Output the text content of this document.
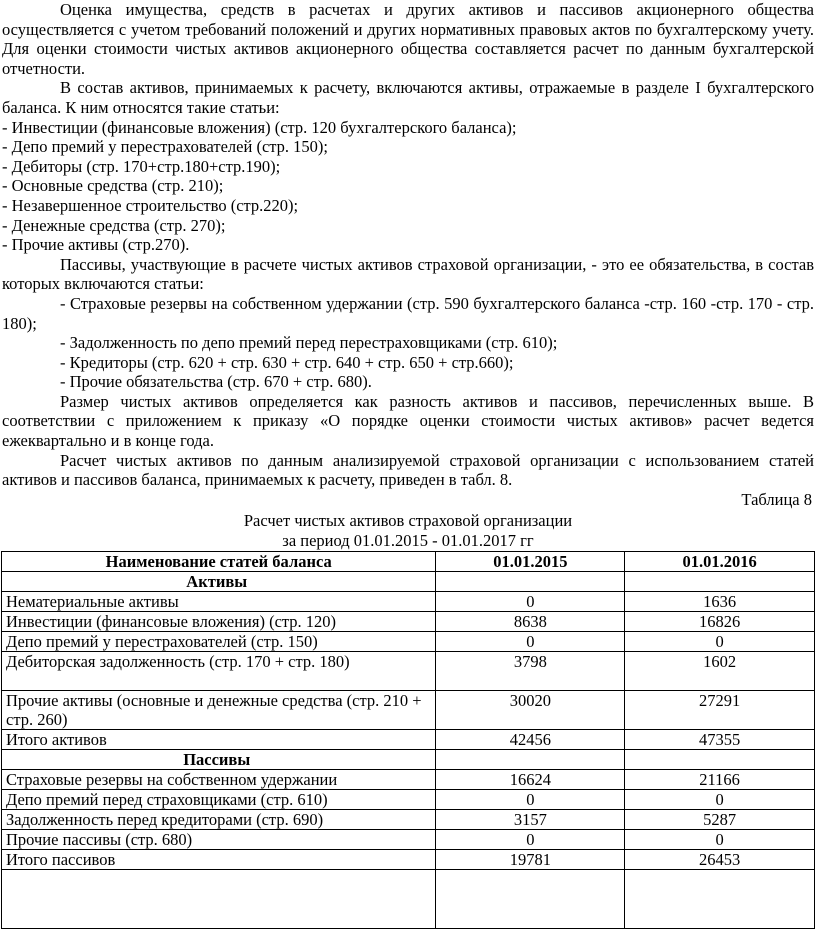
Оценка имущества, средств в расчетах и других активов и пассивов акционерного общества осуществляется с учетом требований положений и других нормативных правовых актов по бухгалтерскому учету. Для оценки стоимости чистых активов акционерного общества составляется расчет по данным бухгалтерской отчетности.

В состав активов, принимаемых к расчету, включаются активы, отражаемые в разделе I бухгалтерского баланса. К ним относятся такие статьи:

- Инвестиции (финансовые вложения) (стр. 120 бухгалтерского баланса);

- Депо премий у перестрахователей (стр. 150);

- Дебиторы (стр. 170+стр.180+стр.190);

- Основные средства (стр. 210);

- Незавершенное строительство (стр.220);

- Денежные средства (стр. 270);

- Прочие активы (стр.270).

Пассивы, участвующие в расчете чистых активов страховой организации, - это ее обязательства, в состав которых включаются статьи:

- Страховые резервы на собственном удержании (стр. 590 бухгалтерского баланса -стр. 160 -стр. 170 - стр. 180);

- Задолженность по депо премий перед перестраховщиками (стр. 610);

- Кредиторы (стр. 620 + стр. 630 + стр. 640 + стр. 650 + стр.660);

- Прочие обязательства (стр. 670 + стр. 680).

Размер чистых активов определяется как разность активов и пассивов, перечисленных выше. В соответствии с приложением к приказу «О порядке оценки стоимости чистых активов» расчет ведется ежеквартально и в конце года.

Расчет чистых активов по данным анализируемой страховой организации с использованием статей активов и пассивов баланса, принимаемых к расчету, приведен в табл. 8.

Таблица 8

Расчет чистых активов страховой организации

за период 01.01.2015 - 01.01.2017 гг

Наименование статей баланса	01.01.2015	01.01.2016
Активы		
Нематериальные активы	0	1636
Инвестиции (финансовые вложения) (стр. 120)	8638	16826
Депо премий у перестрахователей (стр. 150)	0	0
Дебиторская задолженность (стр. 170 + стр. 180)	3798	1602
Прочие активы (основные и денежные средства (стр. 210 + стр. 260)	30020	27291
Итого активов	42456	47355
Пассивы		
Страховые резервы на собственном удержании	16624	21166
Депо премий перед страховщиками (стр. 610)	0	0
Задолженность перед кредиторами (стр. 690)	3157	5287
Прочие пассивы (стр. 680)	0	0
Итого пассивов	19781	26453
